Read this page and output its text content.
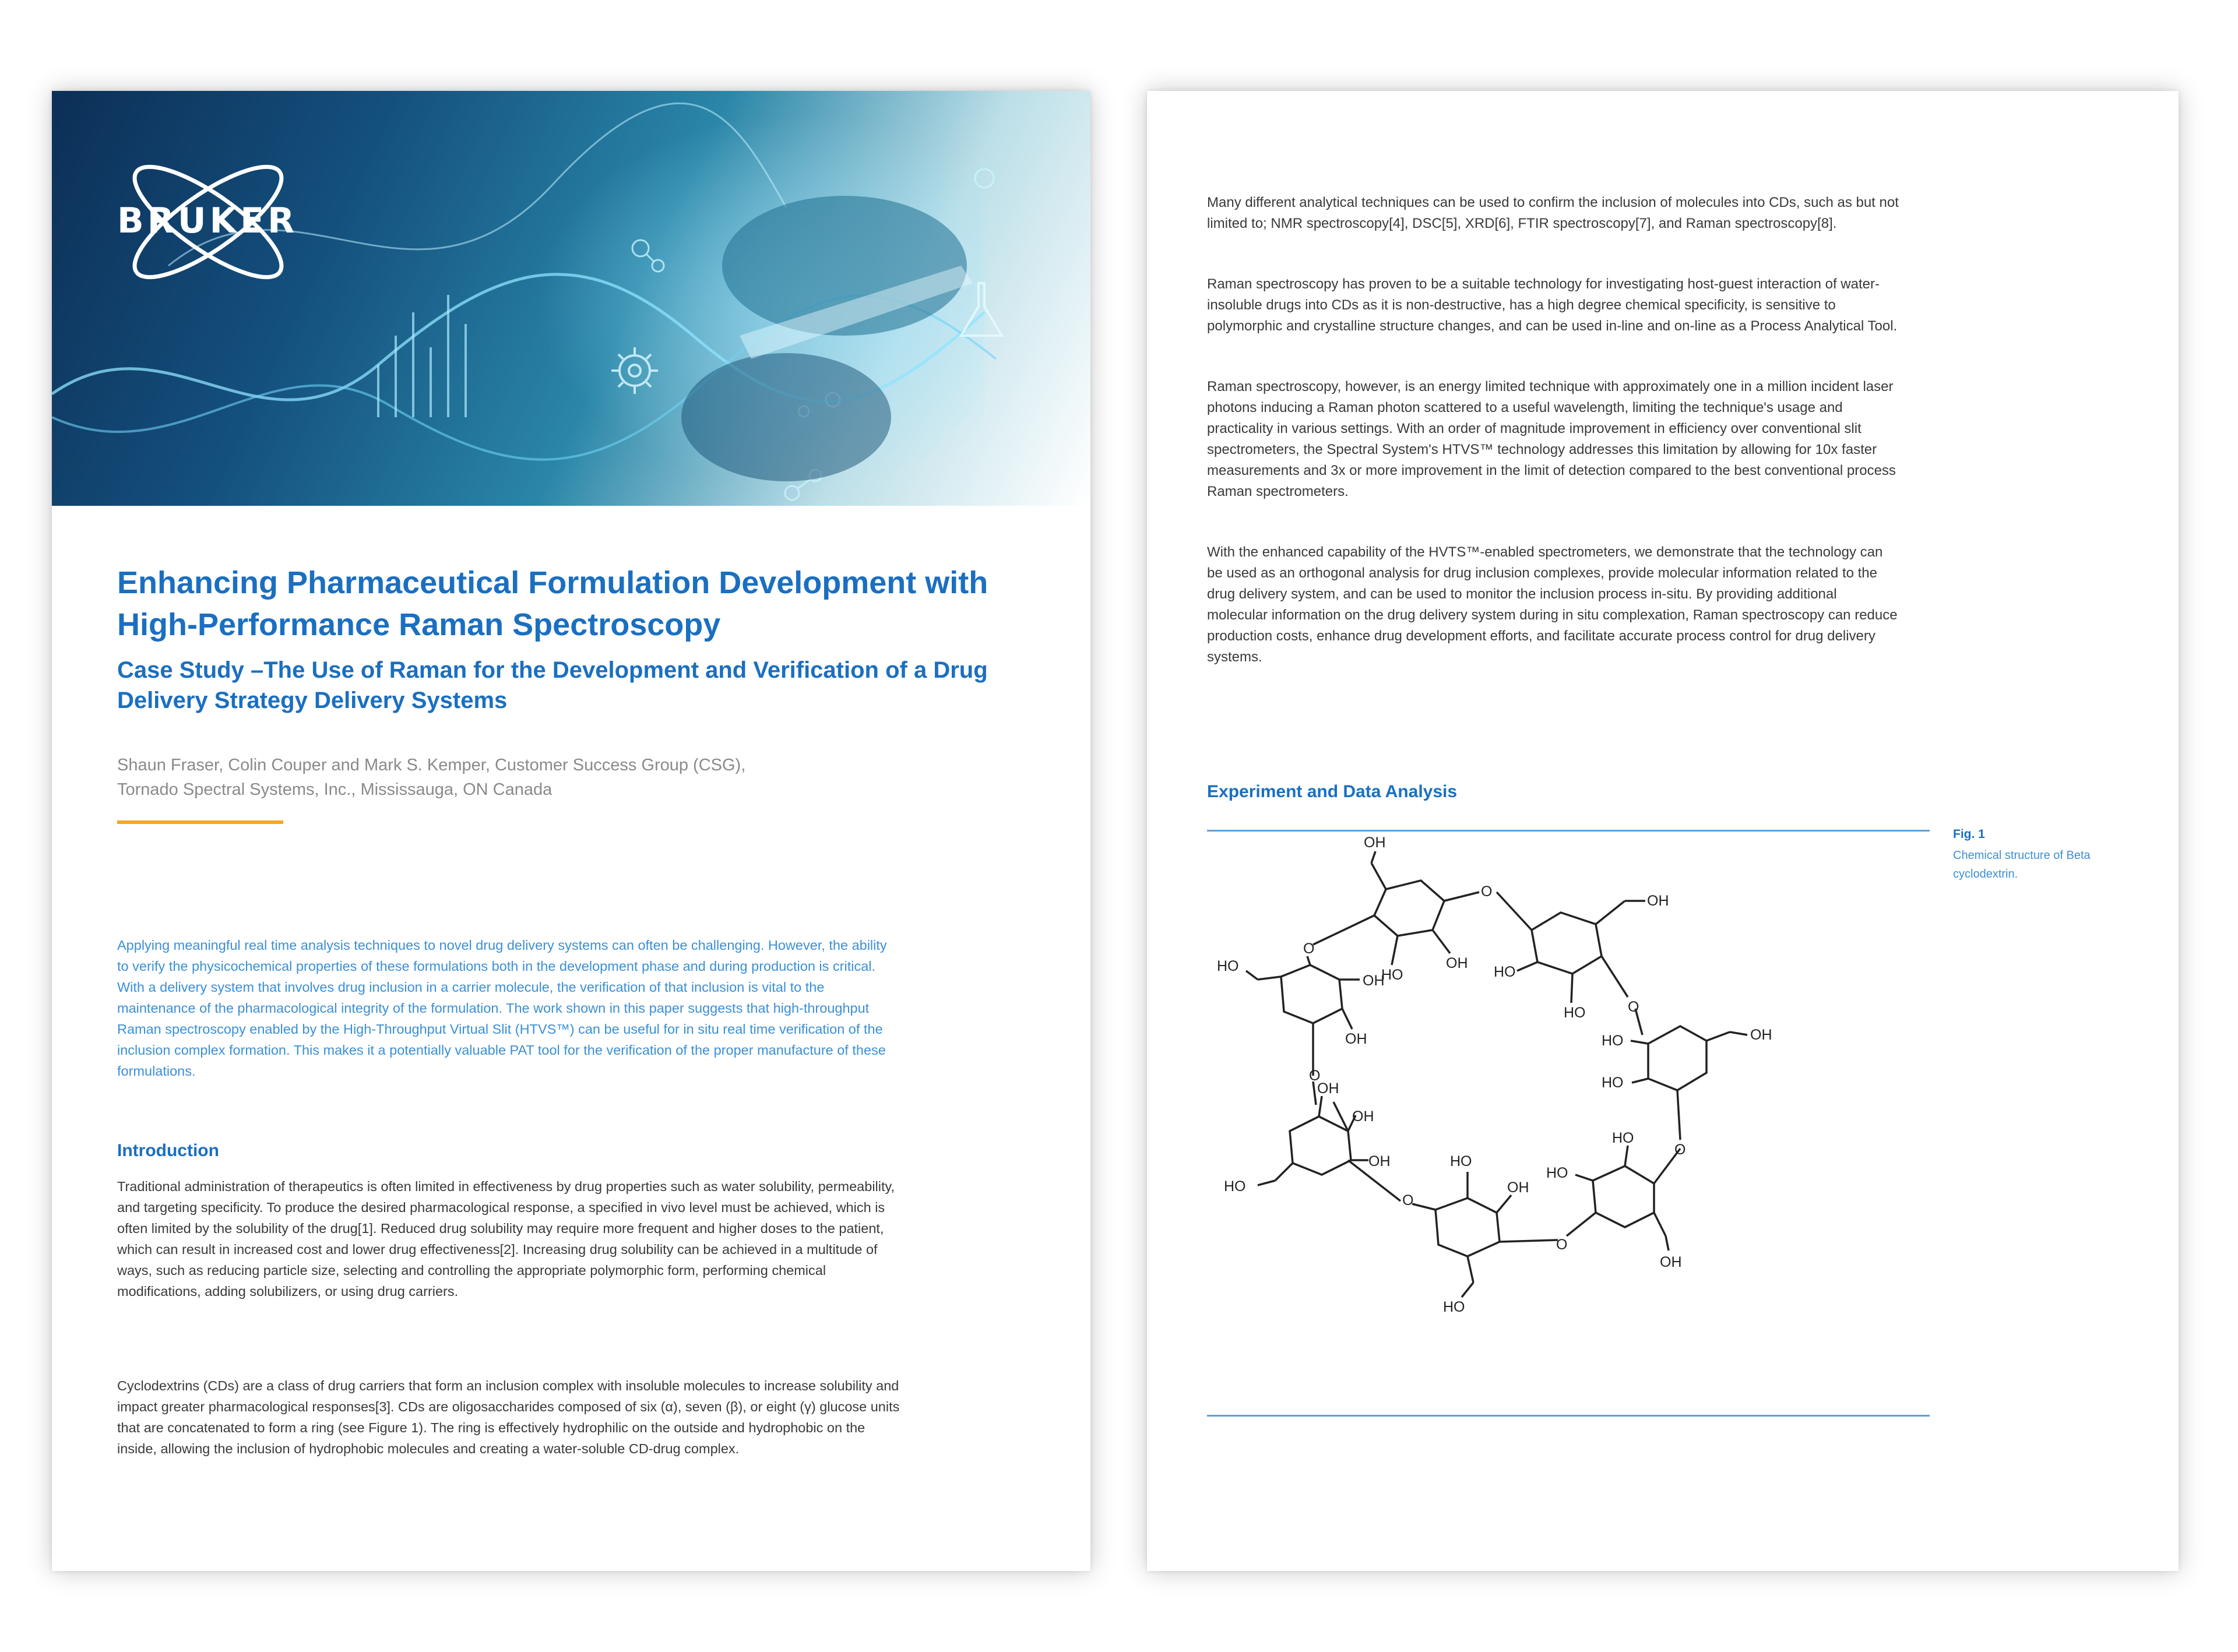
BRUKER
Enhancing Pharmaceutical Formulation Development with High-Performance Raman Spectroscopy
Case Study –The Use of Raman for the Development and Verification of a Drug Delivery Strategy Delivery Systems
Shaun Fraser, Colin Couper and Mark S. Kemper, Customer Success Group (CSG),
Tornado Spectral Systems, Inc., Mississauga, ON Canada

Applying meaningful real time analysis techniques to novel drug delivery systems can often be challenging. However, the ability to verify the physicochemical properties of these formulations both in the development phase and during production is critical. With a delivery system that involves drug inclusion in a carrier molecule, the verification of that inclusion is vital to the maintenance of the pharmacological integrity of the formulation. The work shown in this paper suggests that high-throughput Raman spectroscopy enabled by the High-Throughput Virtual Slit (HTVS™) can be useful for in situ real time verification of the inclusion complex formation. This makes it a potentially valuable PAT tool for the verification of the proper manufacture of these formulations.

Introduction

Traditional administration of therapeutics is often limited in effectiveness by drug properties such as water solubility, permeability, and targeting specificity. To produce the desired pharmacological response, a specified in vivo level must be achieved, which is often limited by the solubility of the drug[1]. Reduced drug solubility may require more frequent and higher doses to the patient, which can result in increased cost and lower drug effectiveness[2]. Increasing drug solubility can be achieved in a multitude of ways, such as reducing particle size, selecting and controlling the appropriate polymorphic form, performing chemical modifications, adding solubilizers, or using drug carriers.

Cyclodextrins (CDs) are a class of drug carriers that form an inclusion complex with insoluble molecules to increase solubility and impact greater pharmacological responses[3]. CDs are oligosaccharides composed of six (α), seven (β), or eight (γ) glucose units that are concatenated to form a ring (see Figure 1). The ring is effectively hydrophilic on the outside and hydrophobic on the inside, allowing the inclusion of hydrophobic molecules and creating a water-soluble CD-drug complex.

Many different analytical techniques can be used to confirm the inclusion of molecules into CDs, such as but not limited to; NMR spectroscopy[4], DSC[5], XRD[6], FTIR spectroscopy[7], and Raman spectroscopy[8].

Raman spectroscopy has proven to be a suitable technology for investigating host-guest interaction of water-insoluble drugs into CDs as it is non-destructive, has a high degree chemical specificity, is sensitive to polymorphic and crystalline structure changes, and can be used in-line and on-line as a Process Analytical Tool.

Raman spectroscopy, however, is an energy limited technique with approximately one in a million incident laser photons inducing a Raman photon scattered to a useful wavelength, limiting the technique's usage and practicality in various settings. With an order of magnitude improvement in efficiency over conventional slit spectrometers, the Spectral System's HTVS™ technology addresses this limitation by allowing for 10x faster measurements and 3x or more improvement in the limit of detection compared to the best conventional process Raman spectrometers.

With the enhanced capability of the HVTS™-enabled spectrometers, we demonstrate that the technology can be used as an orthogonal analysis for drug inclusion complexes, provide molecular information related to the drug delivery system, and can be used to monitor the inclusion process in-situ. By providing additional molecular information on the drug delivery system during in situ complexation, Raman spectroscopy can reduce production costs, enhance drug development efforts, and facilitate accurate process control for drug delivery systems.

Experiment and Data Analysis
Fig. 1
Chemical structure of Beta cyclodextrin.
OH
O
HO
OH
OH
HO
HO	O
HO
HO
OH
O
HO
HO
OH
O
HO
OH
O
HO
OH
OH
HO
O
O
HO
OH
OH
OH
